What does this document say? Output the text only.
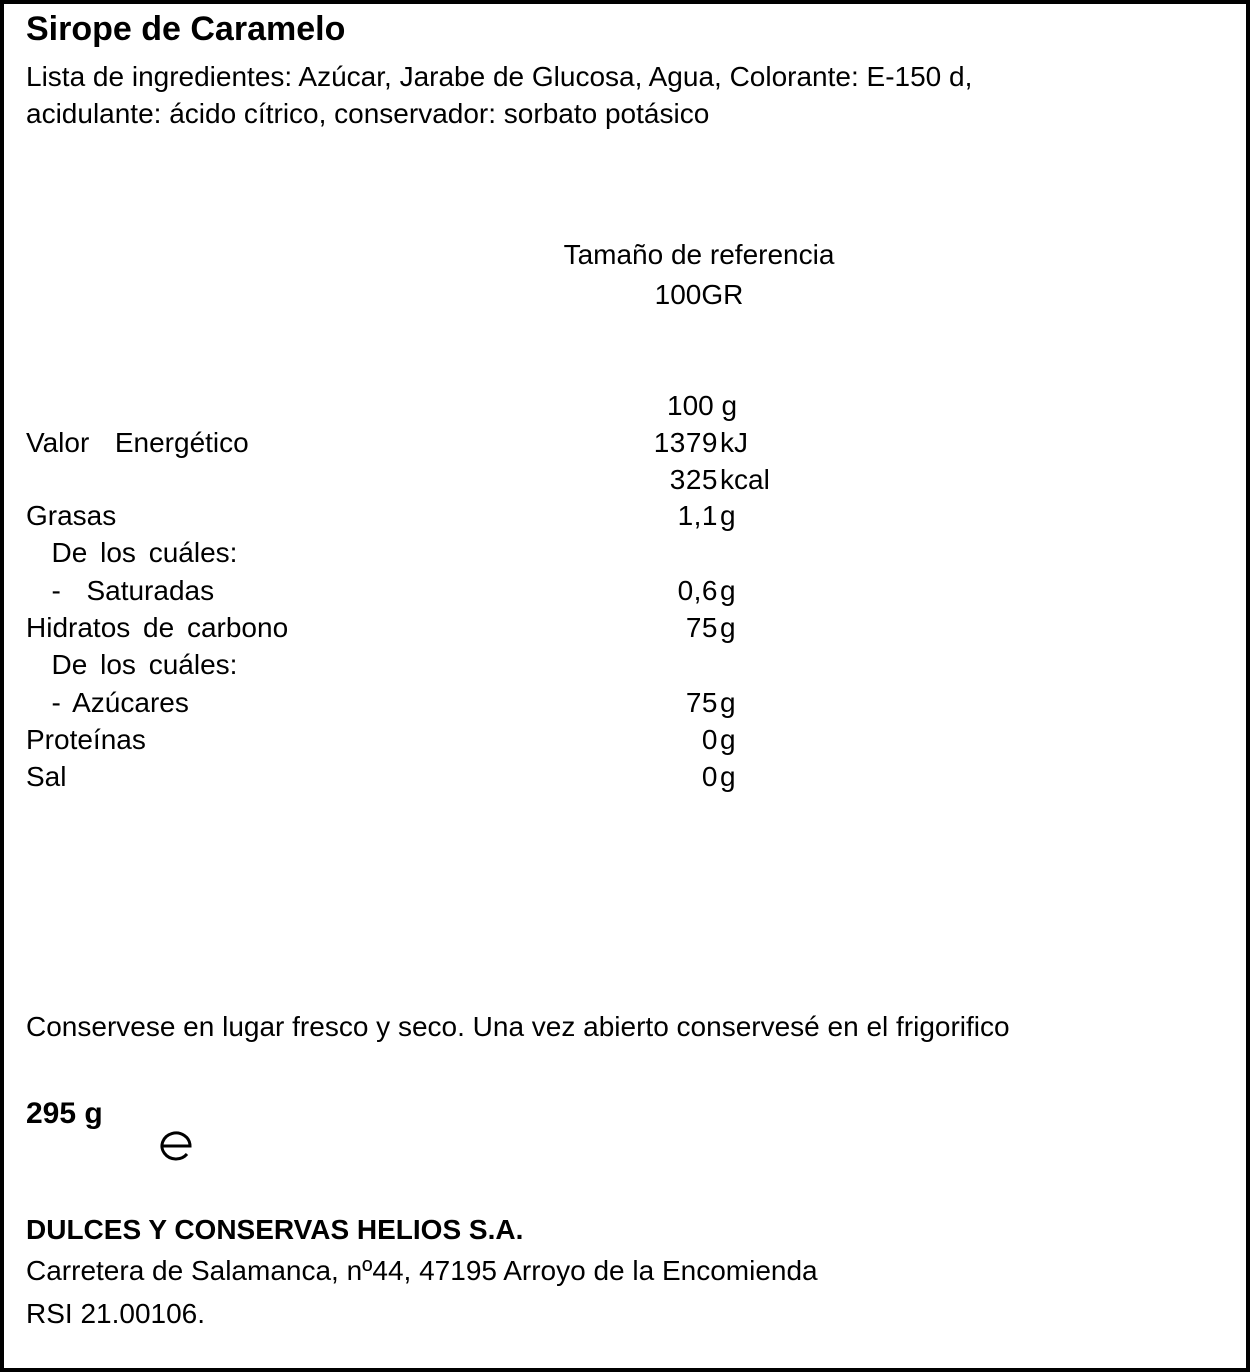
Sirope de Caramelo
Lista de ingredientes: Azúcar, Jarabe de Glucosa, Agua, Colorante: E-150 d,
acidulante: ácido cítrico, conservador: sorbato potásico
Tamaño de referencia
100GR
100 g
Valor  Energético	1379 kJ
325 kcal
Grasas	1,1 g
De los cuáles:
-  Saturadas	0,6 g
Hidratos de carbono	75 g
De los cuáles:
- Azúcares	75 g
Proteínas	0 g
Sal	0 g
Conservese en lugar fresco y seco. Una vez abierto conservesé en el frigorifico
295 g

DULCES Y CONSERVAS HELIOS S.A.
Carretera de Salamanca, nº44, 47195 Arroyo de la Encomienda
RSI 21.00106.
